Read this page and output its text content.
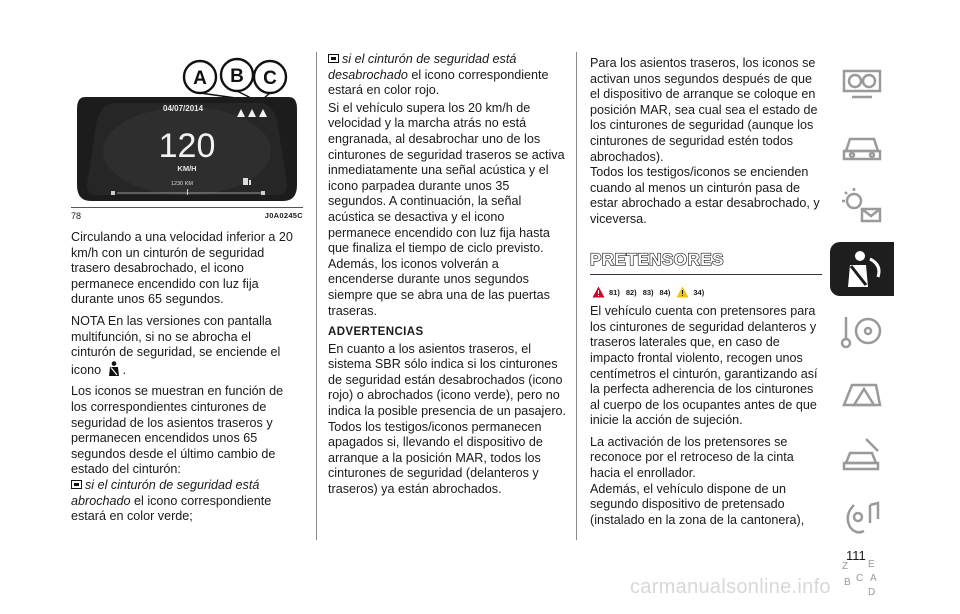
A B C
04/07/2014
120
KM/H
1230 KM
78	J0A0245C

Circulando a una velocidad inferior a 20 km/h con un cinturón de seguridad trasero desabrochado, el icono permanece encendido con luz fija durante unos 65 segundos.

NOTA En las versiones con pantalla multifunción, si no se abrocha el cinturón de seguridad, se enciende el icono .

Los iconos se muestran en función de los correspondientes cinturones de seguridad de los asientos traseros y permanecen encendidos unos 65 segundos desde el último cambio de estado del cinturón:

si el cinturón de seguridad está abrochado el icono correspondiente estará en color verde;
si el cinturón de seguridad está desabrochado el icono correspondiente estará en color rojo.

Si el vehículo supera los 20 km/h de velocidad y la marcha atrás no está engranada, al desabrochar uno de los cinturones de seguridad traseros se activa inmediatamente una señal acústica y el icono parpadea durante unos 35 segundos. A continuación, la señal acústica se desactiva y el icono permanece encendido con luz fija hasta que finaliza el tiempo de ciclo previsto. Además, los iconos volverán a encenderse durante unos segundos siempre que se abra una de las puertas traseras.

ADVERTENCIAS

En cuanto a los asientos traseros, el sistema SBR sólo indica si los cinturones de seguridad están desabrochados (icono rojo) o abrochados (icono verde), pero no indica la posible presencia de un pasajero.

Todos los testigos/iconos permanecen apagados si, llevando el dispositivo de arranque a la posición MAR, todos los cinturones de seguridad (delanteros y traseros) ya están abrochados.

Para los asientos traseros, los iconos se activan unos segundos después de que el dispositivo de arranque se coloque en posición MAR, sea cual sea el estado de los cinturones de seguridad (aunque los cinturones de seguridad estén todos abrochados).

Todos los testigos/iconos se encienden cuando al menos un cinturón pasa de estar abrochado a estar desabrochado, y viceversa.

PRETENSORES
81) 82) 83) 84)	34)

El vehículo cuenta con pretensores para los cinturones de seguridad delanteros y traseros laterales que, en caso de impacto frontal violento, recogen unos centímetros el cinturón, garantizando así la perfecta adherencia de los cinturones al cuerpo de los ocupantes antes de que inicie la acción de sujeción.

La activación de los pretensores se reconoce por el retroceso de la cinta hacia el enrollador.

Además, el vehículo dispone de un segundo dispositivo de pretensado (instalado en la zona de la cantonera),

Z E
B C A
D
111
carmanualsonline.info
